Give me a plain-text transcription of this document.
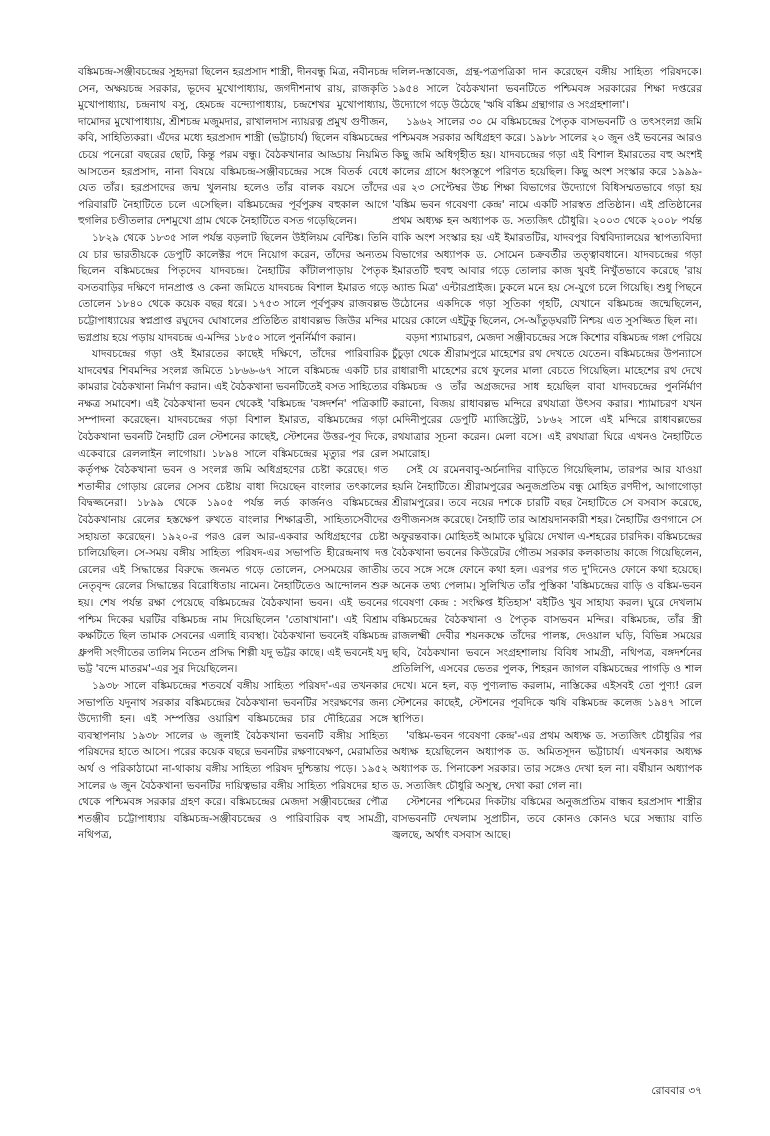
বঙ্কিমচন্দ্র-সঞ্জীবচন্দ্রের সুহৃদরা ছিলেন হরপ্রসাদ শাস্ত্রী, দীনবন্ধু মিত্র, নবীনচন্দ্র সেন, অক্ষয়চন্দ্র সরকার, ভূদেব মুখোপাধ্যায়, জগদীশনাথ রায়, রাজকৃতি মুখোপাধ্যায়, চন্দ্রনাথ বসু, হেমচন্দ্র বন্দ্যোপাধ্যায়, চন্দ্রশেখর মুখোপাধ্যায়, দামোদর মুখোপাধ্যায়, শ্রীশচন্দ্র মজুমদার, রাখালদাস ন্যায়রত্ন প্রমুখ গুণীজন, কবি, সাহিত্যিকরা। এঁদের মধ্যে হরপ্রসাদ শাস্ত্রী (ভট্টাচার্য) ছিলেন বঙ্কিমচন্দ্রের চেয়ে পনেরো বছরের ছোট, কিন্তু পরম বন্ধু। বৈঠকখানার আড্ডায় নিয়মিত আসতেন হরপ্রসাদ, নানা বিষয়ে বঙ্কিমচন্দ্র-সঞ্জীবচন্দ্রের সঙ্গে বিতর্ক বেধে যেত তাঁর। হরপ্রসাদের জন্ম খুলনায় হলেও তাঁর বালক বয়সে তাঁদের পরিবারটি নৈহাটিতে চলে এসেছিল। বঙ্কিমচন্দ্রের পূর্বপুরুষ বহুকাল আগে হুগলির চণ্ডীতলার দেশমুখো গ্রাম থেকে নৈহাটিতে বসত গড়েছিলেন।

১৮২৯ থেকে ১৮৩৫ সাল পর্যন্ত বড়লাট ছিলেন উইলিয়ম বেন্টিঙ্ক। তিনি যে চার ভারতীয়কে ডেপুটি কালেক্টর পদে নিয়োগ করেন, তাঁদের অন্যতম ছিলেন বঙ্কিমচন্দ্রের পিতৃদেব যাদবচন্দ্র। নৈহাটির কাঁটালপাড়ায় পৈতৃক বসতবাড়ির দক্ষিণে দানপ্রাপ্ত ও কেনা জমিতে যাদবচন্দ্র বিশাল ইমারত গড়ে তোলেন ১৮৪০ থেকে কয়েক বছর ধরে। ১৭৫৩ সালে পূর্বপুরুষ রাজবল্লভ চট্টোপাধ্যায়ের স্বপ্নপ্রাপ্ত রঘুদেব ঘোষালের প্রতিষ্ঠিত রাধাবল্লভ জিউর মন্দির ভগ্নপ্রায় হয়ে পড়ায় যাদবচন্দ্র এ-মন্দির ১৮৫০ সালে পুনর্নির্মাণ করান।

যাদবচন্দ্রের গড়া ওই ইমারতের কাছেই দক্ষিণে, তাঁদের পারিবারিক যাদবেশ্বর শিবমন্দির সংলগ্ন জমিতে ১৮৬৬-৬৭ সালে বঙ্কিমচন্দ্র একটি চার কামরার বৈঠকখানা নির্মাণ করান। এই বৈঠকখানা ভবনটিতেই বসত সাহিত্যের নক্ষত্র সমাবেশ। এই বৈঠকখানা ভবন থেকেই 'বঙ্কিমচন্দ্র 'বঙ্গদর্শন' পত্রিকাটি সম্পাদনা করেছেন। যাদবচন্দ্রের গড়া বিশাল ইমারত, বঙ্কিমচন্দ্রের গড়া বৈঠকখানা ভবনটি নৈহাটি রেল স্টেশনের কাছেই, স্টেশনের উত্তর-পূব দিকে, একেবারে রেললাইন লাগোয়া। ১৮৯৪ সালে বঙ্কিমচন্দ্রের মৃত্যুর পর রেল কর্তৃপক্ষ বৈঠকখানা ভবন ও সংলগ্ন জমি অধিগ্রহণের চেষ্টা করেছে। গত শতাব্দীর গোড়ায় রেলের সেসব চেষ্টায় বাধা দিয়েছেন বাংলার তৎকালের বিদ্বজ্জনেরা। ১৮৯৯ থেকে ১৯০৫ পর্যন্ত লর্ড কার্জনও বঙ্কিমচন্দ্রের বৈঠকখানায় রেলের হস্তক্ষেপ রুখতে বাংলার শিক্ষাব্রতী, সাহিত্যসেবীদের সহায়তা করেছেন। ১৯২০-র পরও রেল আর-একবার অধিগ্রহণের চেষ্টা চালিয়েছিল। সে-সময় বঙ্গীয় সাহিত্য পরিষদ-এর সভাপতি হীরেন্দ্রনাথ দত্ত রেলের এই সিদ্ধান্তের বিরুদ্ধে জনমত গড়ে তোলেন, সেসময়ের জাতীয় নেতৃবৃন্দ রেলের সিদ্ধান্তের বিরোধিতায় নামেন। নৈহাটিতেও আন্দোলন শুরু হয়। শেষ পর্যন্ত রক্ষা পেয়েছে বঙ্কিমচন্দ্রের বৈঠকখানা ভবন। এই ভবনের পশ্চিম দিকের ঘরটির বঙ্কিমচন্দ্র নাম দিয়েছিলেন 'তোষাখানা'। এই বিশ্রাম কক্ষটিতে ছিল তামাক সেবনের এলাহি ব্যবস্থা। বৈঠকখানা ভবনেই বঙ্কিমচন্দ্র ধ্রুপদী সংগীতের তালিম নিতেন প্রসিদ্ধ শিল্পী যদু ভট্টর কাছে। এই ভবনেই যদু ভট্ট 'বন্দে মাতরম'-এর সুর দিয়েছিলেন।

১৯৩৮ সালে বঙ্কিমচন্দ্রের শতবর্ষে বঙ্গীয় সাহিত্য পরিষদ'-এর তখনকার সভাপতি যদুনাথ সরকার বঙ্কিমচন্দ্রের বৈঠকখানা ভবনটির সংরক্ষণের জন্য উদ্যোগী হন। এই সম্পত্তির ওয়ারিশ বঙ্কিমচন্দ্রের চার দৌহিত্রের সঙ্গে ব্যবস্থাপনায় ১৯৩৮ সালের ৬ জুলাই বৈঠকখানা ভবনটি বঙ্গীয় সাহিত্য পরিষদের হাতে আসে। পরের কয়েক বছরে ভবনটির রক্ষণাবেক্ষণ, মেরামতির অর্থ ও পরিকাঠামো না-থাকায় বঙ্গীয় সাহিত্য পরিষদ দুশ্চিন্তায় পড়ে। ১৯৫২ সালের ৬ জুন বৈঠকখানা ভবনটির দায়িত্বভার বঙ্গীয় সাহিত্য পরিষদের হাত থেকে পশ্চিমবঙ্গ সরকার গ্রহণ করে। বঙ্কিমচন্দ্রের মেজদা সঞ্জীবচন্দ্রের পৌত্র শতঞ্জীব চট্টোপাধ্যায় বঙ্কিমচন্দ্র-সঞ্জীবচন্দ্রের ও পারিবারিক বহু সামগ্রী, নথিপত্র,

দলিল-দস্তাবেজ, গ্রন্থ-পত্রপত্রিকা দান করেছেন বঙ্গীয় সাহিত্য পরিষদকে। ১৯৫৪ সালে বৈঠকখানা ভবনটিতে পশ্চিমবঙ্গ সরকারের শিক্ষা দপ্তরের উদ্যোগে গড়ে উঠেছে 'ঋষি বঙ্কিম গ্রন্থাগার ও সংগ্রহশালা'।

১৯৬২ সালের ৩০ মে বঙ্কিমচন্দ্রের পৈতৃক বাসভবনটি ও তৎসংলগ্ন জমি পশ্চিমবঙ্গ সরকার অধিগ্রহণ করে। ১৯৮৮ সালের ২০ জুন ওই ভবনের আরও কিছু জমি অধিগৃহীত হয়। যাদবচন্দ্রের গড়া এই বিশাল ইমারতের বহু অংশই কালের গ্রাসে ধ্বংসস্তূপে পরিণত হয়েছিল। কিছু অংশ সংস্কার করে ১৯৯৯-এর ২৩ সেপ্টেম্বর উচ্চ শিক্ষা বিভাগের উদ্যোগে বিধিসম্মতভাবে গড়া হয় 'বঙ্কিম ভবন গবেষণা কেন্দ্র' নামে একটি সারস্বত প্রতিষ্ঠান। এই প্রতিষ্ঠানের প্রথম অধ্যক্ষ হন অধ্যাপক ড. সত্যজিৎ চৌধুরি। ২০০৩ থেকে ২০০৮ পর্যন্ত বাকি অংশ সংস্কার হয় এই ইমারতটির, যাদবপুর বিশ্ববিদ্যালয়ের স্থাপত্যবিদ্যা বিভাগের অধ্যাপক ড. সোমেন চক্রবর্তীর তত্ত্বাবধানে। যাদবচন্দ্রের গড়া ইমারতটি হুবহু আবার গড়ে তোলার কাজ খুবই নিখুঁতভাবে করেছে 'রায় অ্যান্ড মিত্র' এন্টারপ্রাইজ। ঢুকলে মনে হয় সে-যুগে চলে গিয়েছি। শুধু পিছনে উঠোনের একদিকে গড়া সূতিকা গৃহটি, যেখানে বঙ্কিমচন্দ্র জন্মেছিলেন, মায়ের কোলে এইটুকু ছিলেন, সে-আঁতুড়ঘরটি নিশ্চয় এত সুসজ্জিত ছিল না।

বড়দা শ্যামাচরণ, মেজদা সঞ্জীবচন্দ্রের সঙ্গে কিশোর বঙ্কিমচন্দ্র গঙ্গা পেরিয়ে চুঁচুড়া থেকে শ্রীরামপুরে মাহেশের রথ দেখতে যেতেন। বঙ্কিমচন্দ্রের উপন্যাসে রাধারাণী মাহেশের রথে ফুলের মালা বেচতে গিয়েছিল। মাহেশের রথ দেখে বঙ্কিমচন্দ্র ও তাঁর অগ্রজদের সাধ হয়েছিল বাবা যাদবচন্দ্রের পুনর্নির্মাণ করানো, বিজয় রাধাবল্লভ মন্দিরে রথযাত্রা উৎসব করার। শ্যামাচরণ যখন মেদিনীপুরের ডেপুটি ম্যাজিস্ট্রেট, ১৮৬২ সালে এই মন্দিরে রাধাবল্লভের রথযাত্রার সূচনা করেন। মেলা বসে। এই রথযাত্রা ঘিরে এখনও নৈহাটিতে সমারোহ।

সেই যে রমেনবাবু-অর্চনাদির বাড়িতে গিয়েছিলাম, তারপর আর যাওয়া হয়নি নৈহাটিতে। শ্রীরামপুরের অনুজপ্রতিম বন্ধু মোহিত রণদীপ, আগাগোড়া শ্রীরামপুরের। তবে নয়ের দশকে চারটি বছর নৈহাটিতে সে বসবাস করেছে, গুণীজনসঙ্গ করেছে। নৈহাটি তার আশ্রয়দানকারী শহর। নৈহাটির গুণগানে সে অফুরন্তবাক। মোহিতই আমাকে ঘুরিয়ে দেখাল এ-শহরের চারদিক। বঙ্কিমচন্দ্রের বৈঠকখানা ভবনের কিউরেটর গৌতম সরকার কলকাতায় কাজে গিয়েছিলেন, তবে সঙ্গে সঙ্গে ফোনে কথা হল। এরপর গত দু'দিনেও ফোনে কথা হয়েছে। অনেক তথ্য পেলাম। সুলিখিত তাঁর পুস্তিকা 'বঙ্কিমচন্দ্রের বাড়ি ও বঙ্কিম-ভবন গবেষণা কেন্দ্র : সংক্ষিপ্ত ইতিহাস' বইটিও খুব সাহায্য করল। ঘুরে দেখলাম বঙ্কিমচন্দ্রের বৈঠকখানা ও পৈতৃক বাসভবন মন্দির। বঙ্কিমচন্দ্র, তাঁর স্ত্রী রাজলক্ষ্মী দেবীর শয়নকক্ষে তাঁদের পালঙ্ক, দেওয়াল ঘড়ি, বিভিন্ন সময়ের ছবি, বৈঠকখানা ভবনে সংগ্রহশালায় বিবিধ সামগ্রী, নথিপত্র, বঙ্গদর্শনের প্রতিলিপি, এসবের ভেতর পুলক, শিহরন জাগল বঙ্কিমচন্দ্রের পাগড়ি ও শাল দেখে। মনে হল, বড় পুণ্যলাভ করলাম, নাস্তিকের এইসবই তো পুণ্য! রেল স্টেশনের কাছেই, স্টেশনের পূবদিকে ঋষি বঙ্কিমচন্দ্র কলেজ ১৯৪৭ সালে স্থাপিত।

'বঙ্কিম-ভবন গবেষণা কেন্দ্র'-এর প্রথম অধ্যক্ষ ড. সত্যজিৎ চৌধুরির পর অধ্যক্ষ হয়েছিলেন অধ্যাপক ড. অমিতসূদন ভট্টাচার্য। এখনকার অধ্যক্ষ অধ্যাপক ড. পিনাকেশ সরকার। তার সঙ্গেও দেখা হল না। বর্ষীয়ান অধ্যাপক ড. সত্যজিৎ চৌধুরি অসুস্থ, দেখা করা গেল না।

স্টেশনের পশ্চিমের দিকটায় বঙ্কিমের অনুজপ্রতিম বান্ধব হরপ্রসাদ শাস্ত্রীর বাসভবনটি দেখলাম সুপ্রাচীন, তবে কোনও কোনও ঘরে সন্ধ্যায় বাতি জ্বলছে, অর্থাৎ বসবাস আছে।

রোববার ৩৭
